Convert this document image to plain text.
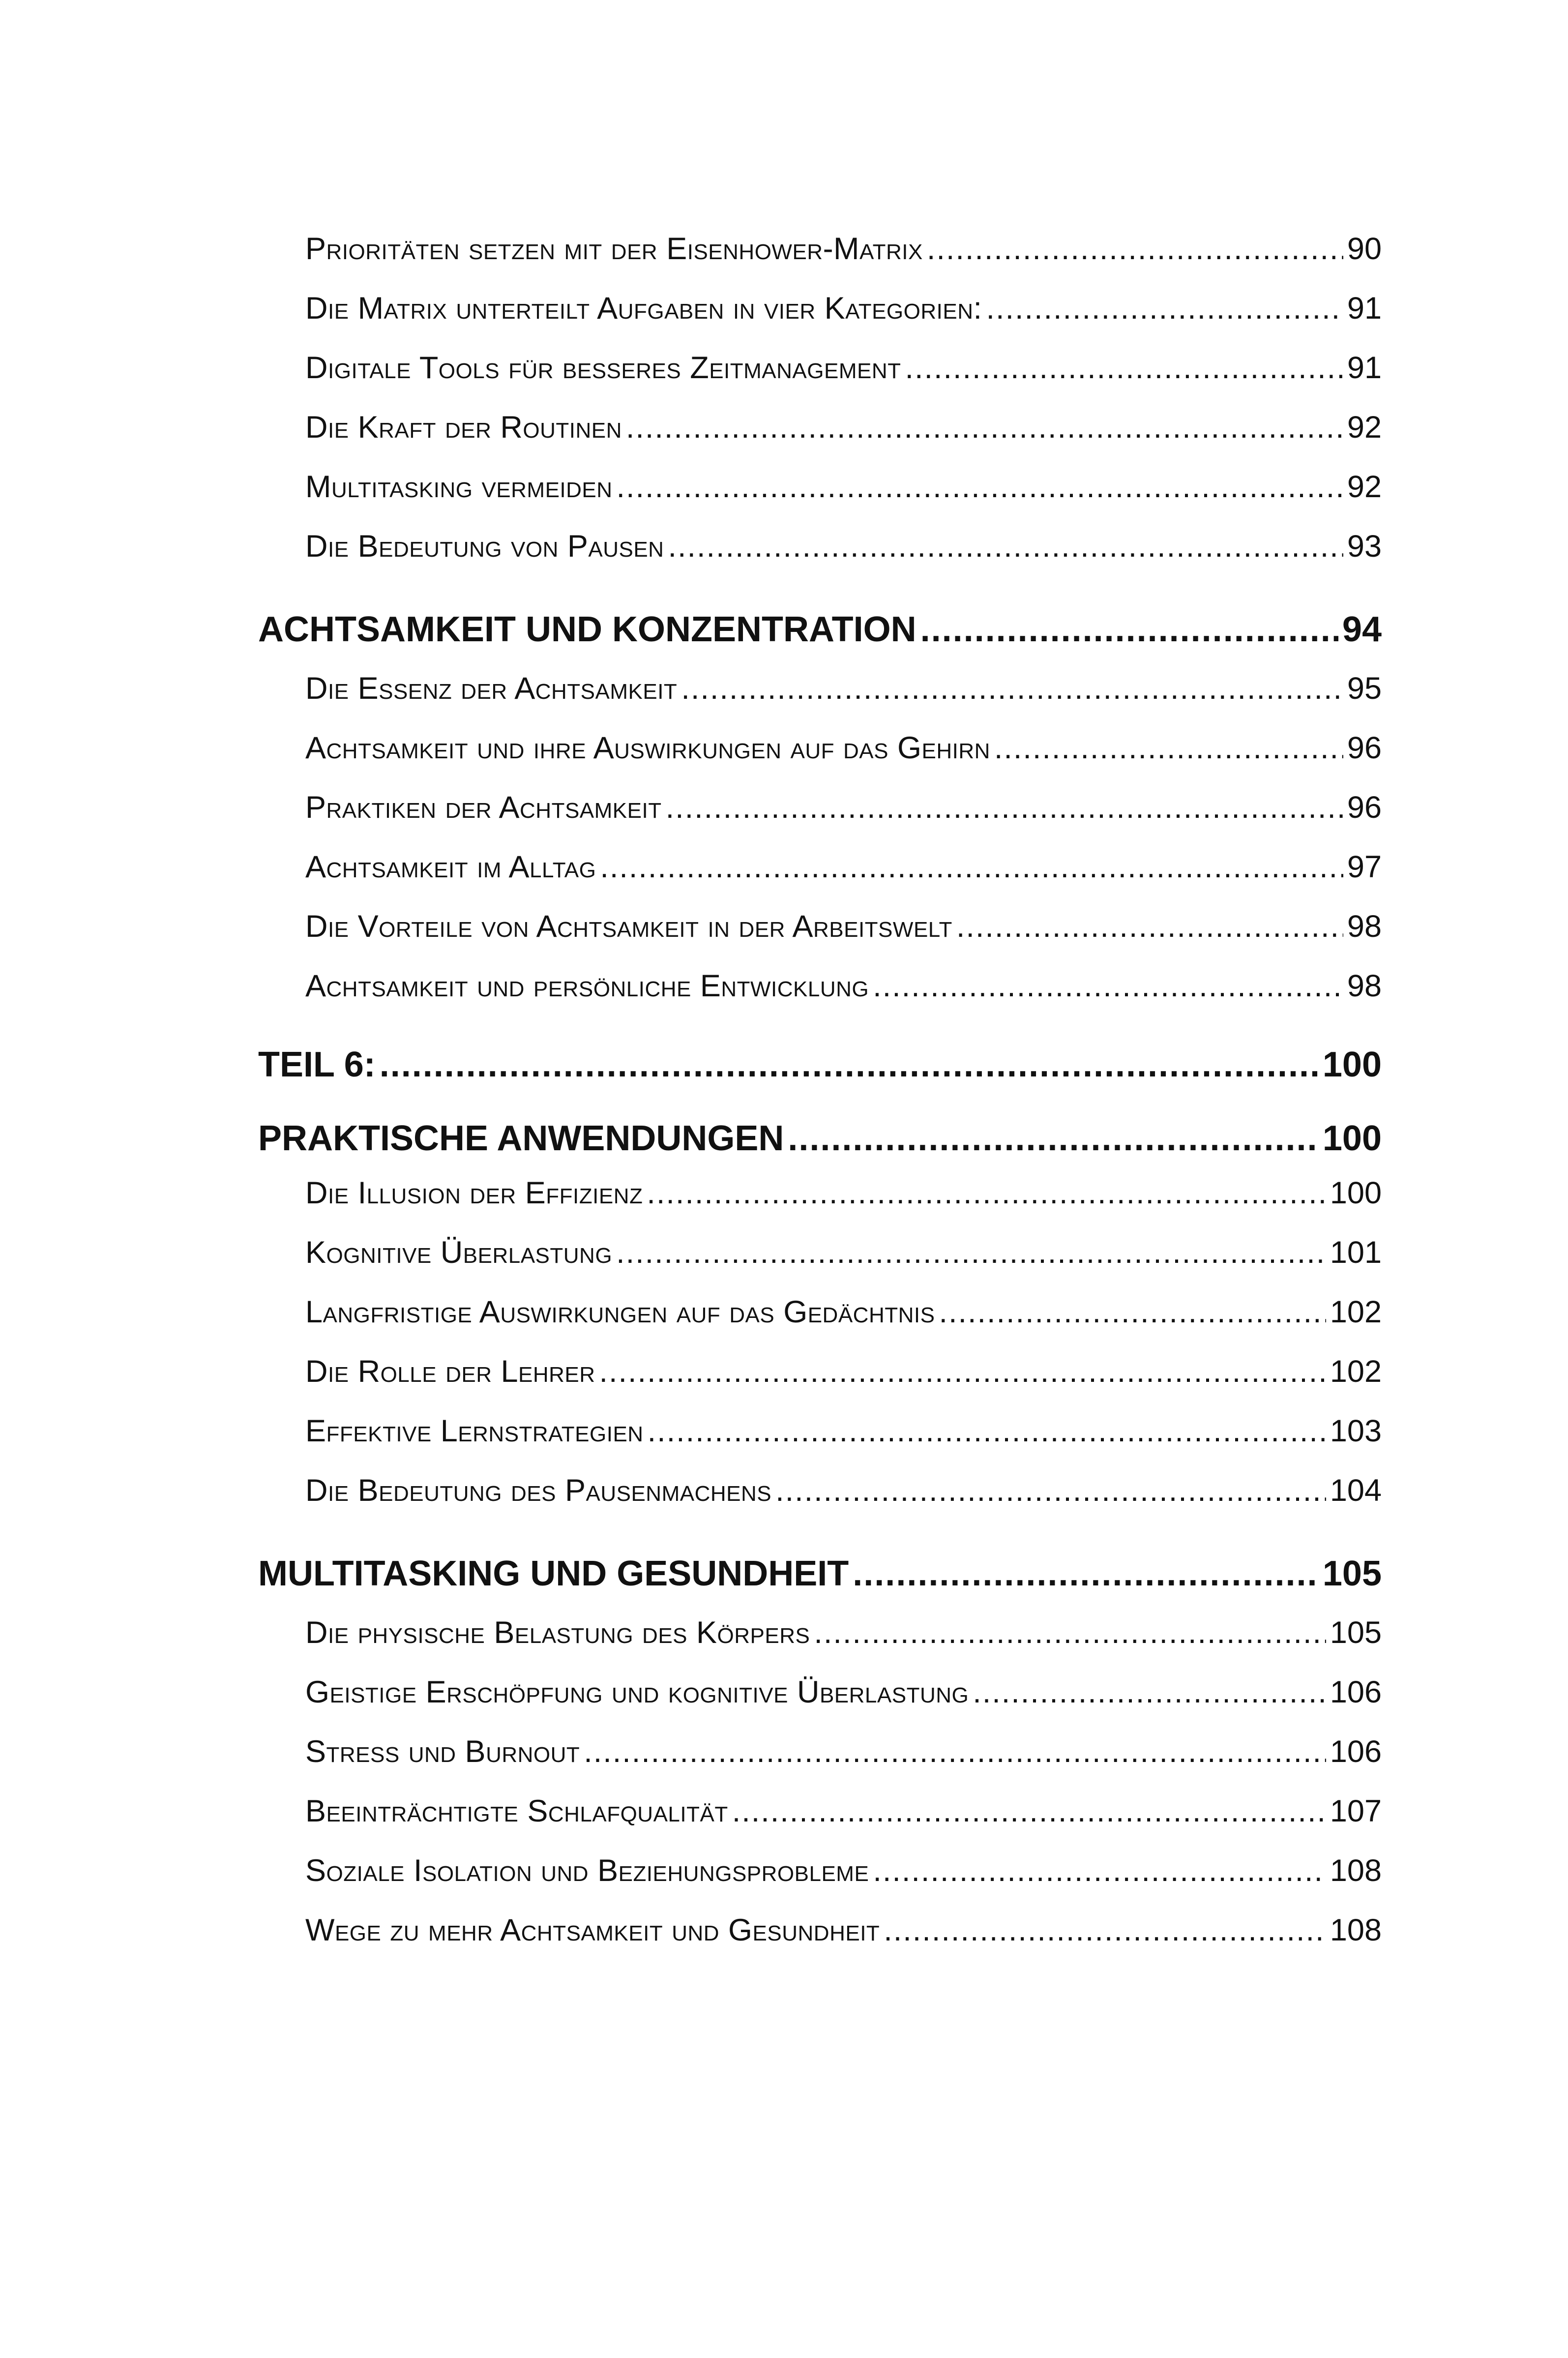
Prioritäten setzen mit der Eisenhower-Matrix .....	90
Die Matrix unterteilt Aufgaben in vier Kategorien: .....	91
Digitale Tools für besseres Zeitmanagement .....	91
Die Kraft der Routinen .....	92
Multitasking vermeiden .....	92
Die Bedeutung von Pausen .....	93
ACHTSAMKEIT UND KONZENTRATION .....	94
Die Essenz der Achtsamkeit .....	95
Achtsamkeit und ihre Auswirkungen auf das Gehirn .....	96
Praktiken der Achtsamkeit .....	96
Achtsamkeit im Alltag .....	97
Die Vorteile von Achtsamkeit in der Arbeitswelt .....	98
Achtsamkeit und persönliche Entwicklung .....	98
TEIL 6: .....	100
PRAKTISCHE ANWENDUNGEN .....	100
Die Illusion der Effizienz .....	100
Kognitive Überlastung .....	101
Langfristige Auswirkungen auf das Gedächtnis .....	102
Die Rolle der Lehrer .....	102
Effektive Lernstrategien .....	103
Die Bedeutung des Pausenmachens .....	104
MULTITASKING UND GESUNDHEIT .....	105
Die physische Belastung des Körpers .....	105
Geistige Erschöpfung und kognitive Überlastung .....	106
Stress und Burnout .....	106
Beeinträchtigte Schlafqualität .....	107
Soziale Isolation und Beziehungsprobleme .....	108
Wege zu mehr Achtsamkeit und Gesundheit .....	108
